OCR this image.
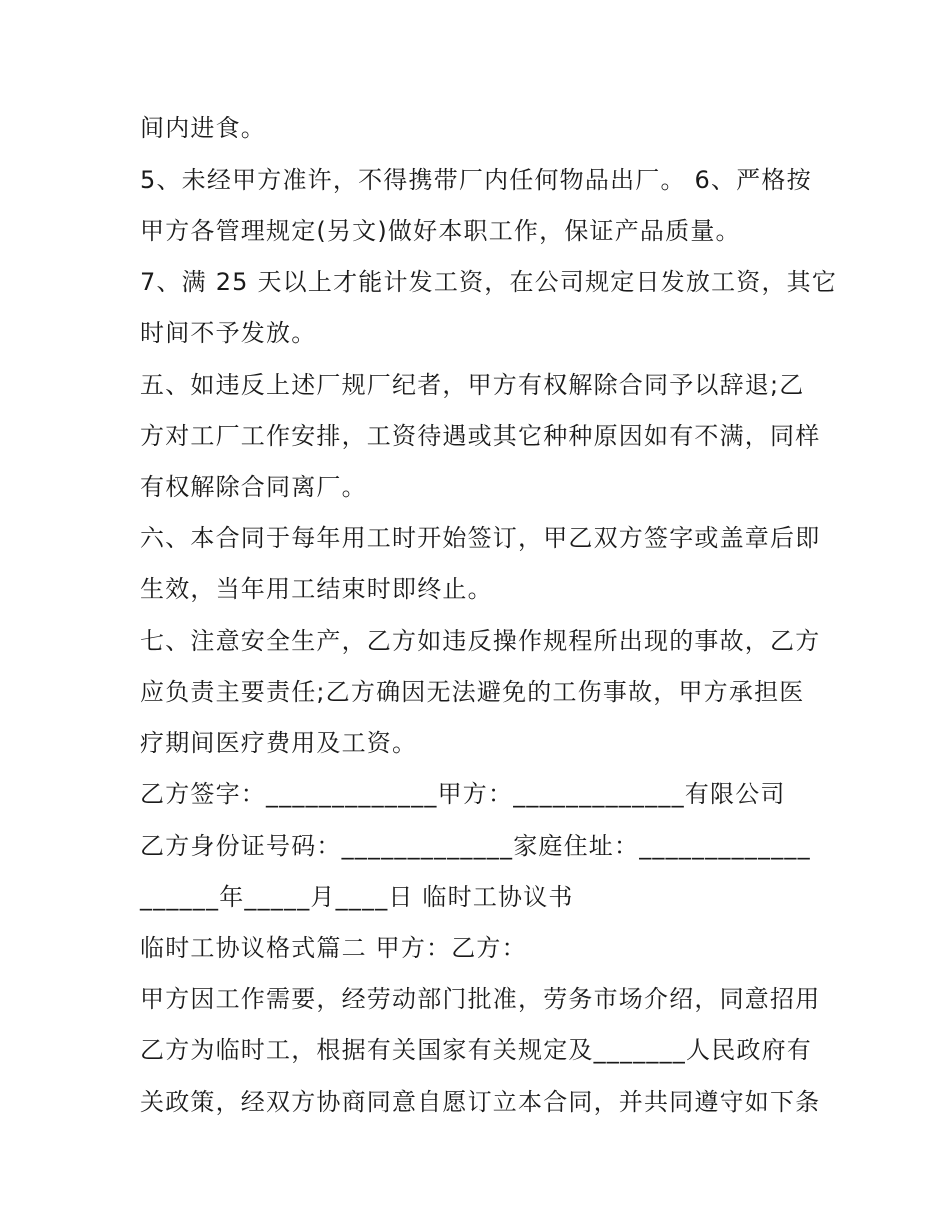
间内进食。
5、未经甲方准许，不得携带厂内任何物品出厂。 6、严格按
甲方各管理规定(另文)做好本职工作，保证产品质量。
7、满 25 天以上才能计发工资，在公司规定日发放工资，其它
时间不予发放。
五、如违反上述厂规厂纪者，甲方有权解除合同予以辞退;乙
方对工厂工作安排，工资待遇或其它种种原因如有不满，同样
有权解除合同离厂。
六、本合同于每年用工时开始签订，甲乙双方签字或盖章后即
生效，当年用工结束时即终止。
七、注意安全生产，乙方如违反操作规程所出现的事故，乙方
应负责主要责任;乙方确因无法避免的工伤事故，甲方承担医
疗期间医疗费用及工资。
乙方签字：_____________甲方：_____________有限公司
乙方身份证号码：_____________家庭住址：_____________
______年_____月____日 临时工协议书
临时工协议格式篇二 甲方：乙方：
甲方因工作需要，经劳动部门批准，劳务市场介绍，同意招用
乙方为临时工，根据有关国家有关规定及_______人民政府有
关政策，经双方协商同意自愿订立本合同，并共同遵守如下条
